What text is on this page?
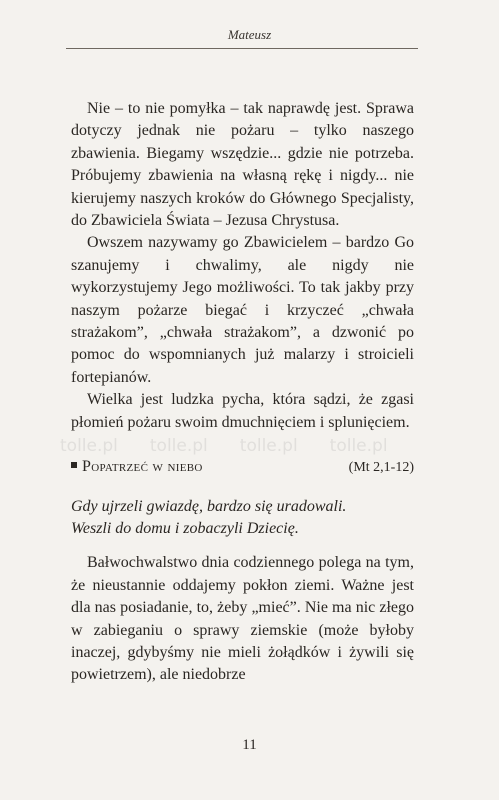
Mateusz
tolle.pl tolle.pl tolle.pl tolle.pl

Nie – to nie pomyłka – tak naprawdę jest. Sprawa dotyczy jednak nie pożaru – tylko naszego zbawienia. Biegamy wszędzie... gdzie nie potrzeba. Próbujemy zbawienia na własną rękę i nigdy... nie kierujemy naszych kroków do Głównego Specjalisty, do Zbawiciela Świata – Jezusa Chrystusa.

Owszem nazywamy go Zbawicielem – bardzo Go szanujemy i chwalimy, ale nigdy nie wykorzystujemy Jego możliwości. To tak jakby przy naszym pożarze biegać i krzyczeć „chwała strażakom”, „chwała strażakom”, a dzwonić po pomoc do wspomnianych już malarzy i stroicieli fortepianów.

Wielka jest ludzka pycha, która sądzi, że zgasi płomień pożaru swoim dmuchnięciem i splunięciem.

Popatrzeć w niebo	(Mt 2,1-12)
Gdy ujrzeli gwiazdę, bardzo się uradowali.
Weszli do domu i zobaczyli Dziecię.

Bałwochwalstwo dnia codziennego polega na tym, że nieustannie oddajemy pokłon ziemi. Ważne jest dla nas posiadanie, to, żeby „mieć”. Nie ma nic złego w zabieganiu o sprawy ziemskie (może byłoby inaczej, gdybyśmy nie mieli żołądków i żywili się powietrzem), ale niedobrze

11
